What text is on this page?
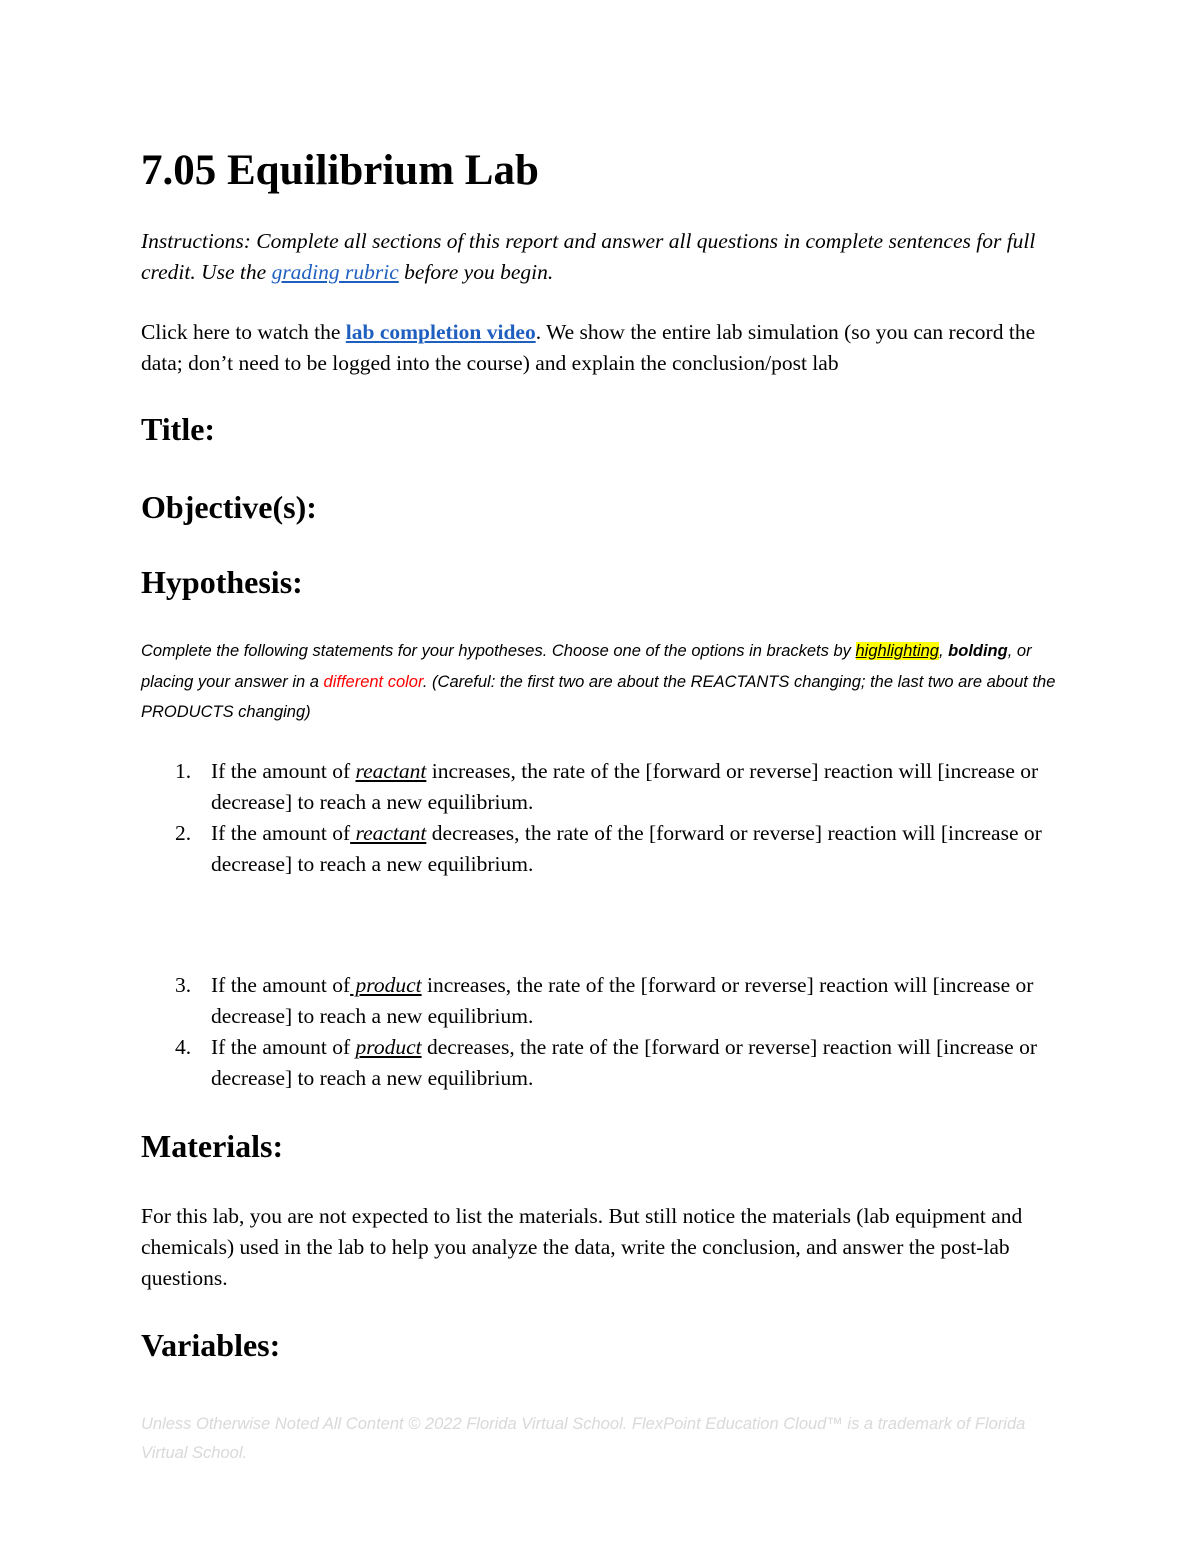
7.05 Equilibrium Lab

Instructions: Complete all sections of this report and answer all questions in complete sentences for full credit. Use the grading rubric before you begin.

Click here to watch the lab completion video. We show the entire lab simulation (so you can record the data; don’t need to be logged into the course) and explain the conclusion/post lab

Title:
Objective(s):
Hypothesis:

Complete the following statements for your hypotheses. Choose one of the options in brackets by highlighting, bolding, or placing your answer in a different color. (Careful: the first two are about the REACTANTS changing; the last two are about the PRODUCTS changing)

1. If the amount of reactant increases, the rate of the [forward or reverse] reaction will [increase or decrease] to reach a new equilibrium.
2. If the amount of reactant decreases, the rate of the [forward or reverse] reaction will [increase or decrease] to reach a new equilibrium.
3. If the amount of product increases, the rate of the [forward or reverse] reaction will [increase or decrease] to reach a new equilibrium.
4. If the amount of product decreases, the rate of the [forward or reverse] reaction will [increase or decrease] to reach a new equilibrium.
Materials:

For this lab, you are not expected to list the materials. But still notice the materials (lab equipment and chemicals) used in the lab to help you analyze the data, write the conclusion, and answer the post-lab questions.

Variables:

Unless Otherwise Noted All Content © 2022 Florida Virtual School. FlexPoint Education Cloud™ is a trademark of Florida Virtual School.
